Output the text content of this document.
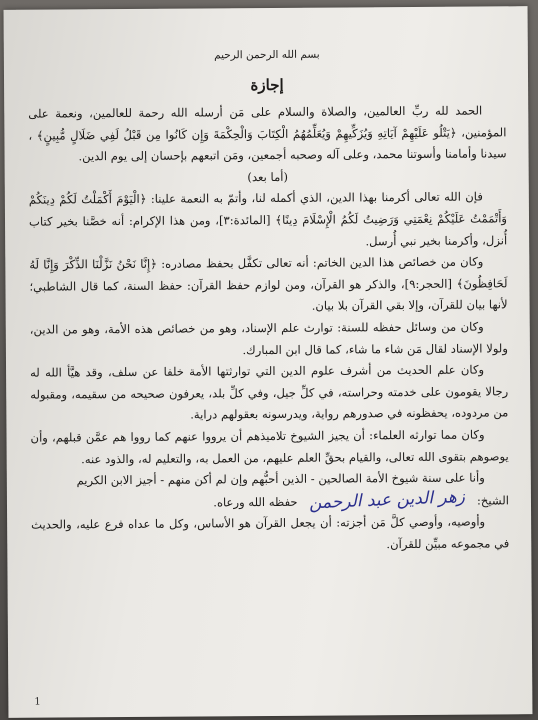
بسم الله الرحمن الرحيم

إجازة

الحمد لله ربِّ العالمين، والصلاة والسلام على مَن أرسله الله رحمة للعالمين، ونعمة على المؤمنين، ﴿يَتْلُو عَلَيْهِمْ آيَاتِهِ وَيُزَكِّيهِمْ وَيُعَلِّمُهُمُ الْكِتَابَ وَالْحِكْمَةَ وَإِن كَانُوا مِن قَبْلُ لَفِي ضَلَالٍ مُّبِينٍ﴾ ، سيدنا وأمامنا وأسوتنا محمد، وعلى آله وصحبه أجمعين، ومَن اتبعهم بإحسان إلى يوم الدين.

(أما بعد)

فإن الله تعالى أكرمنا بهذا الدين، الذي أكمله لنا، وأتمّ به النعمة علينا: ﴿الْيَوْمَ أَكْمَلْتُ لَكُمْ دِينَكُمْ وَأَتْمَمْتُ عَلَيْكُمْ نِعْمَتِي وَرَضِيتُ لَكُمُ الْإِسْلَامَ دِينًا﴾ [المائدة:٣]، ومن هذا الإكرام: أنه خصَّنا بخير كتاب أُنزل، وأكرمنا بخير نبي أُرسل.

وكان من خصائص هذا الدين الخاتم: أنه تعالى تكفَّل بحفظ مصادره: ﴿إِنَّا نَحْنُ نَزَّلْنَا الذِّكْرَ وَإِنَّا لَهُ لَحَافِظُونَ﴾ [الحجر:٩]، والذكر هو القرآن، ومن لوازم حفظ القرآن: حفظ السنة، كما قال الشاطبي؛ لأنها بيان للقرآن، وإلا بقي القرآن بلا بيان.

وكان من وسائل حفظه للسنة: توارث علم الإسناد، وهو من خصائص هذه الأمة، وهو من الدين، ولولا الإسناد لقال مَن شاء ما شاء، كما قال ابن المبارك.

وكان علم الحديث من أشرف علوم الدين التي توارثتها الأمة خلفا عن سلف، وقد هيَّأ الله له رجالا يقومون على خدمته وحراسته، في كلِّ جيل، وفي كلِّ بلد، يعرفون صحيحه من سقيمه، ومقبوله من مردوده، يحفظونه في صدورهم رواية، ويدرسونه بعقولهم دراية.

وكان مما توارثه العلماء: أن يجيز الشيوخ تلاميذهم أن يرووا عنهم كما رووا هم عمَّن قبلهم، وأن يوصوهم بتقوى الله تعالى، والقيام بحقِّ العلم عليهم، من العمل به، والتعليم له، والذود عنه.

وأنا على سنة شيوخ الأمة الصالحين - الذين أحبُّهم وإن لم أكن منهم - أجيز الابن الكريم

الشيخ: زهر الدين عبد الرحمن حفظه الله ورعاه.

وأوصيه، وأوصي كلَّ مَن أجزته: أن يجعل القرآن هو الأساس، وكل ما عداه فرع عليه، والحديث في مجموعه مبيِّن للقرآن.

1
